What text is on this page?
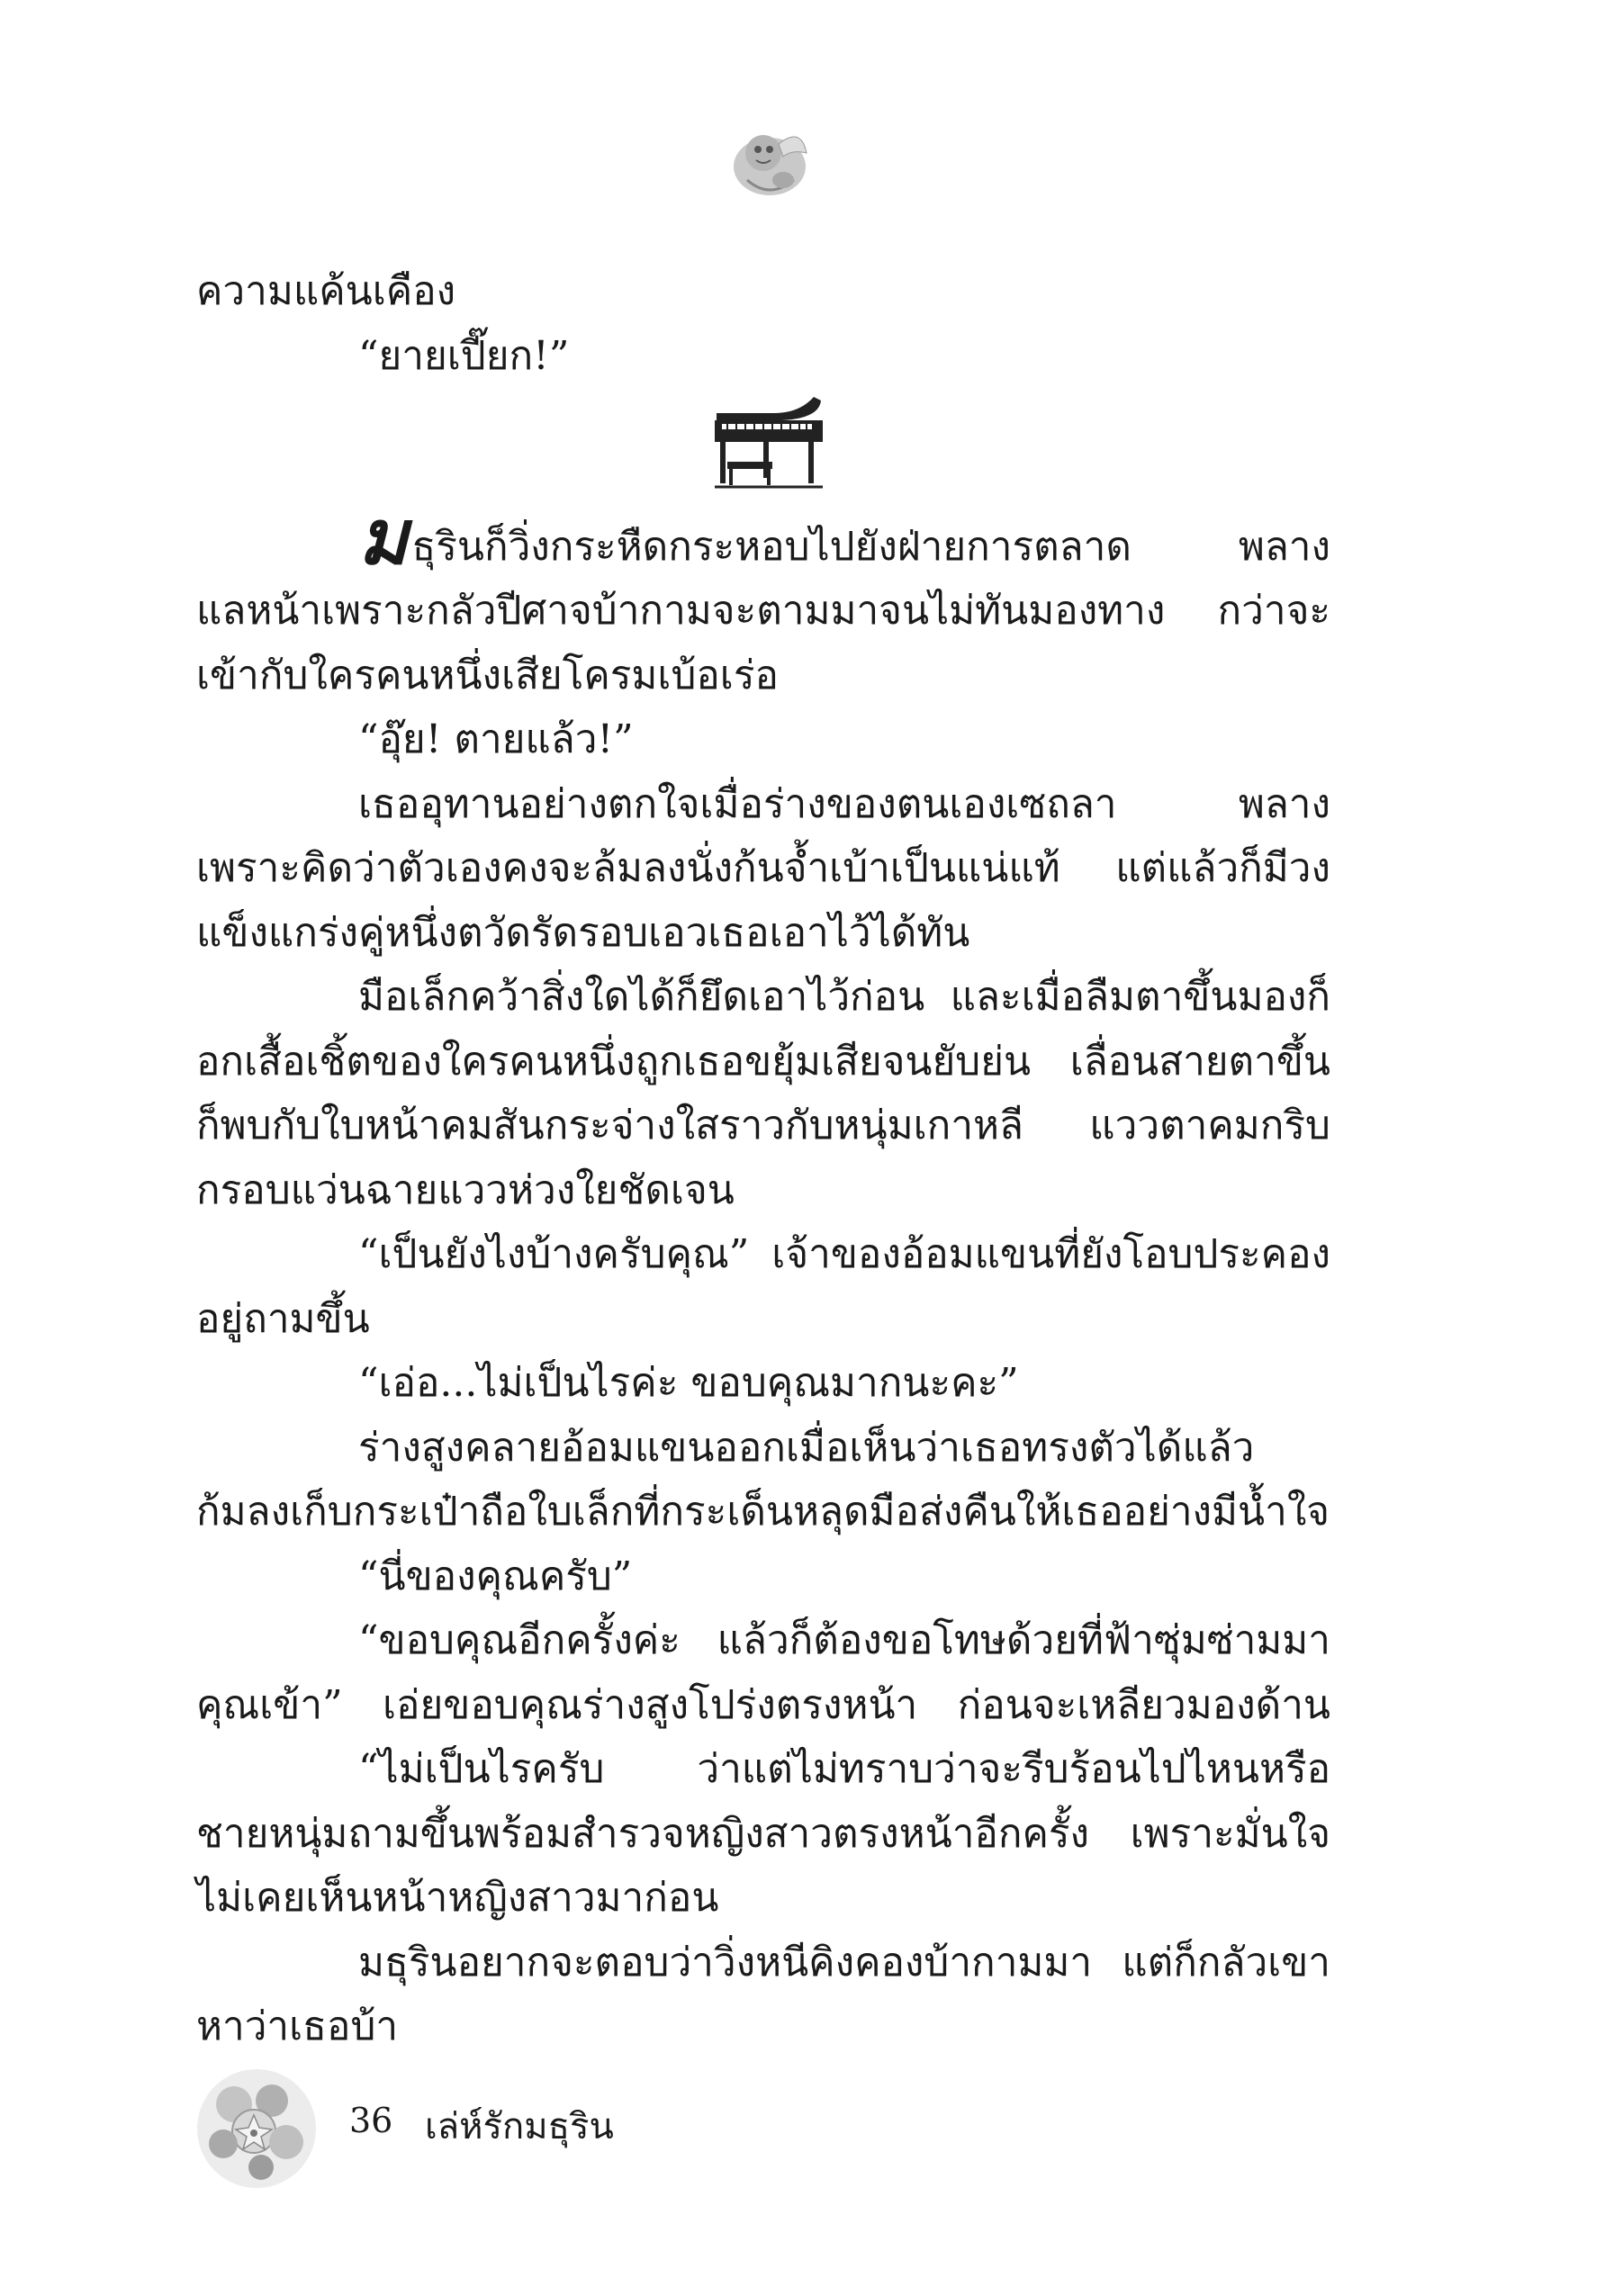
ความแค้นเคือง
“ยายเปี๊ยก!”
ม ธุรินก็วิ่งกระหืดกระหอบไปยังฝ่ายการตลาด พลาง
แลหน้าเพราะกลัวปีศาจบ้ากามจะตามมาจนไม่ทันมองทาง กว่าจะ
เข้ากับใครคนหนึ่งเสียโครมเบ้อเร่อ
“อุ๊ย! ตายแล้ว!”
เธออุทานอย่างตกใจเมื่อร่างของตนเองเซถลา พลาง
เพราะคิดว่าตัวเองคงจะล้มลงนั่งก้นจ้ำเบ้าเป็นแน่แท้ แต่แล้วก็มีวง
แข็งแกร่งคู่หนึ่งตวัดรัดรอบเอวเธอเอาไว้ได้ทัน
มือเล็กคว้าสิ่งใดได้ก็ยึดเอาไว้ก่อน และเมื่อลืมตาขึ้นมองก็
อกเสื้อเชิ้ตของใครคนหนึ่งถูกเธอขยุ้มเสียจนยับย่น เลื่อนสายตาขึ้น
ก็พบกับใบหน้าคมสันกระจ่างใสราวกับหนุ่มเกาหลี แววตาคมกริบ
กรอบแว่นฉายแววห่วงใยชัดเจน
“เป็นยังไงบ้างครับคุณ” เจ้าของอ้อมแขนที่ยังโอบประคอง
อยู่ถามขึ้น
“เอ่อ...ไม่เป็นไรค่ะ ขอบคุณมากนะคะ”
ร่างสูงคลายอ้อมแขนออกเมื่อเห็นว่าเธอทรงตัวได้แล้ว
ก้มลงเก็บกระเป๋าถือใบเล็กที่กระเด็นหลุดมือส่งคืนให้เธออย่างมีน้ำใจ
“นี่ของคุณครับ”
“ขอบคุณอีกครั้งค่ะ แล้วก็ต้องขอโทษด้วยที่ฟ้าซุ่มซ่ามมา
คุณเข้า” เอ่ยขอบคุณร่างสูงโปร่งตรงหน้า ก่อนจะเหลียวมองด้าน
“ไม่เป็นไรครับ ว่าแต่ไม่ทราบว่าจะรีบร้อนไปไหนหรือ
ชายหนุ่มถามขึ้นพร้อมสำรวจหญิงสาวตรงหน้าอีกครั้ง เพราะมั่นใจ
ไม่เคยเห็นหน้าหญิงสาวมาก่อน
มธุรินอยากจะตอบว่าวิ่งหนีคิงคองบ้ากามมา แต่ก็กลัวเขา
หาว่าเธอบ้า
36 เล่ห์รักมธุริน
